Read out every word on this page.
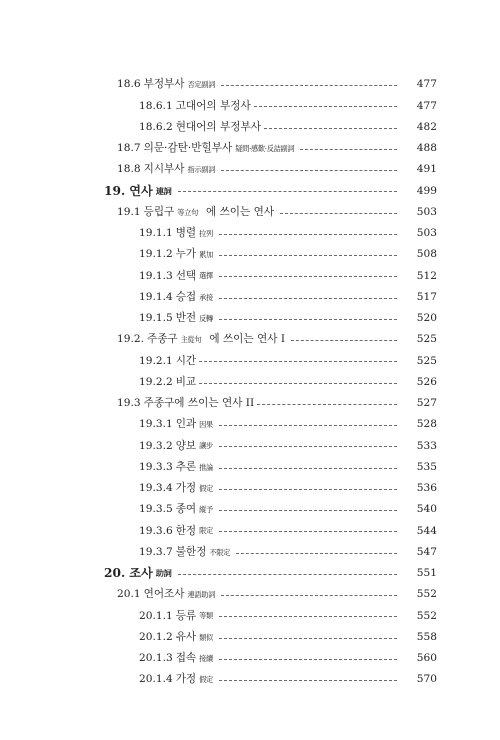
18.6 부정부사 否定副詞	477
18.6.1 고대어의 부정사	477
18.6.2 현대어의 부정부사	482
18.7 의문·감탄·반힐부사 疑問·感歎·反詰副詞	488
18.8 지시부사 指示副詞	491
19. 연사 連詞	499
19.1 등립구 等立句 에 쓰이는 연사	503
19.1.1 병렬 拉列	503
19.1.2 누가 累加	508
19.1.3 선택 選擇	512
19.1.4 승접 承接	517
19.1.5 반전 反轉	520
19.2. 주종구 主從句 에 쓰이는 연사 I	525
19.2.1 시간	525
19.2.2 비교	526
19.3 주종구에 쓰이는 연사 II	527
19.3.1 인과 因果	528
19.3.2 양보 讓步	533
19.3.3 추론 推論	535
19.3.4 가정 假定	536
19.3.5 종여 縱予	540
19.3.6 한정 限定	544
19.3.7 불한정 不限定	547
20. 조사 助詞	551
20.1 연어조사 連語助詞	552
20.1.1 등류 等類	552
20.1.2 유사 類似	558
20.1.3 접속 接續	560
20.1.4 가정 假定	570
